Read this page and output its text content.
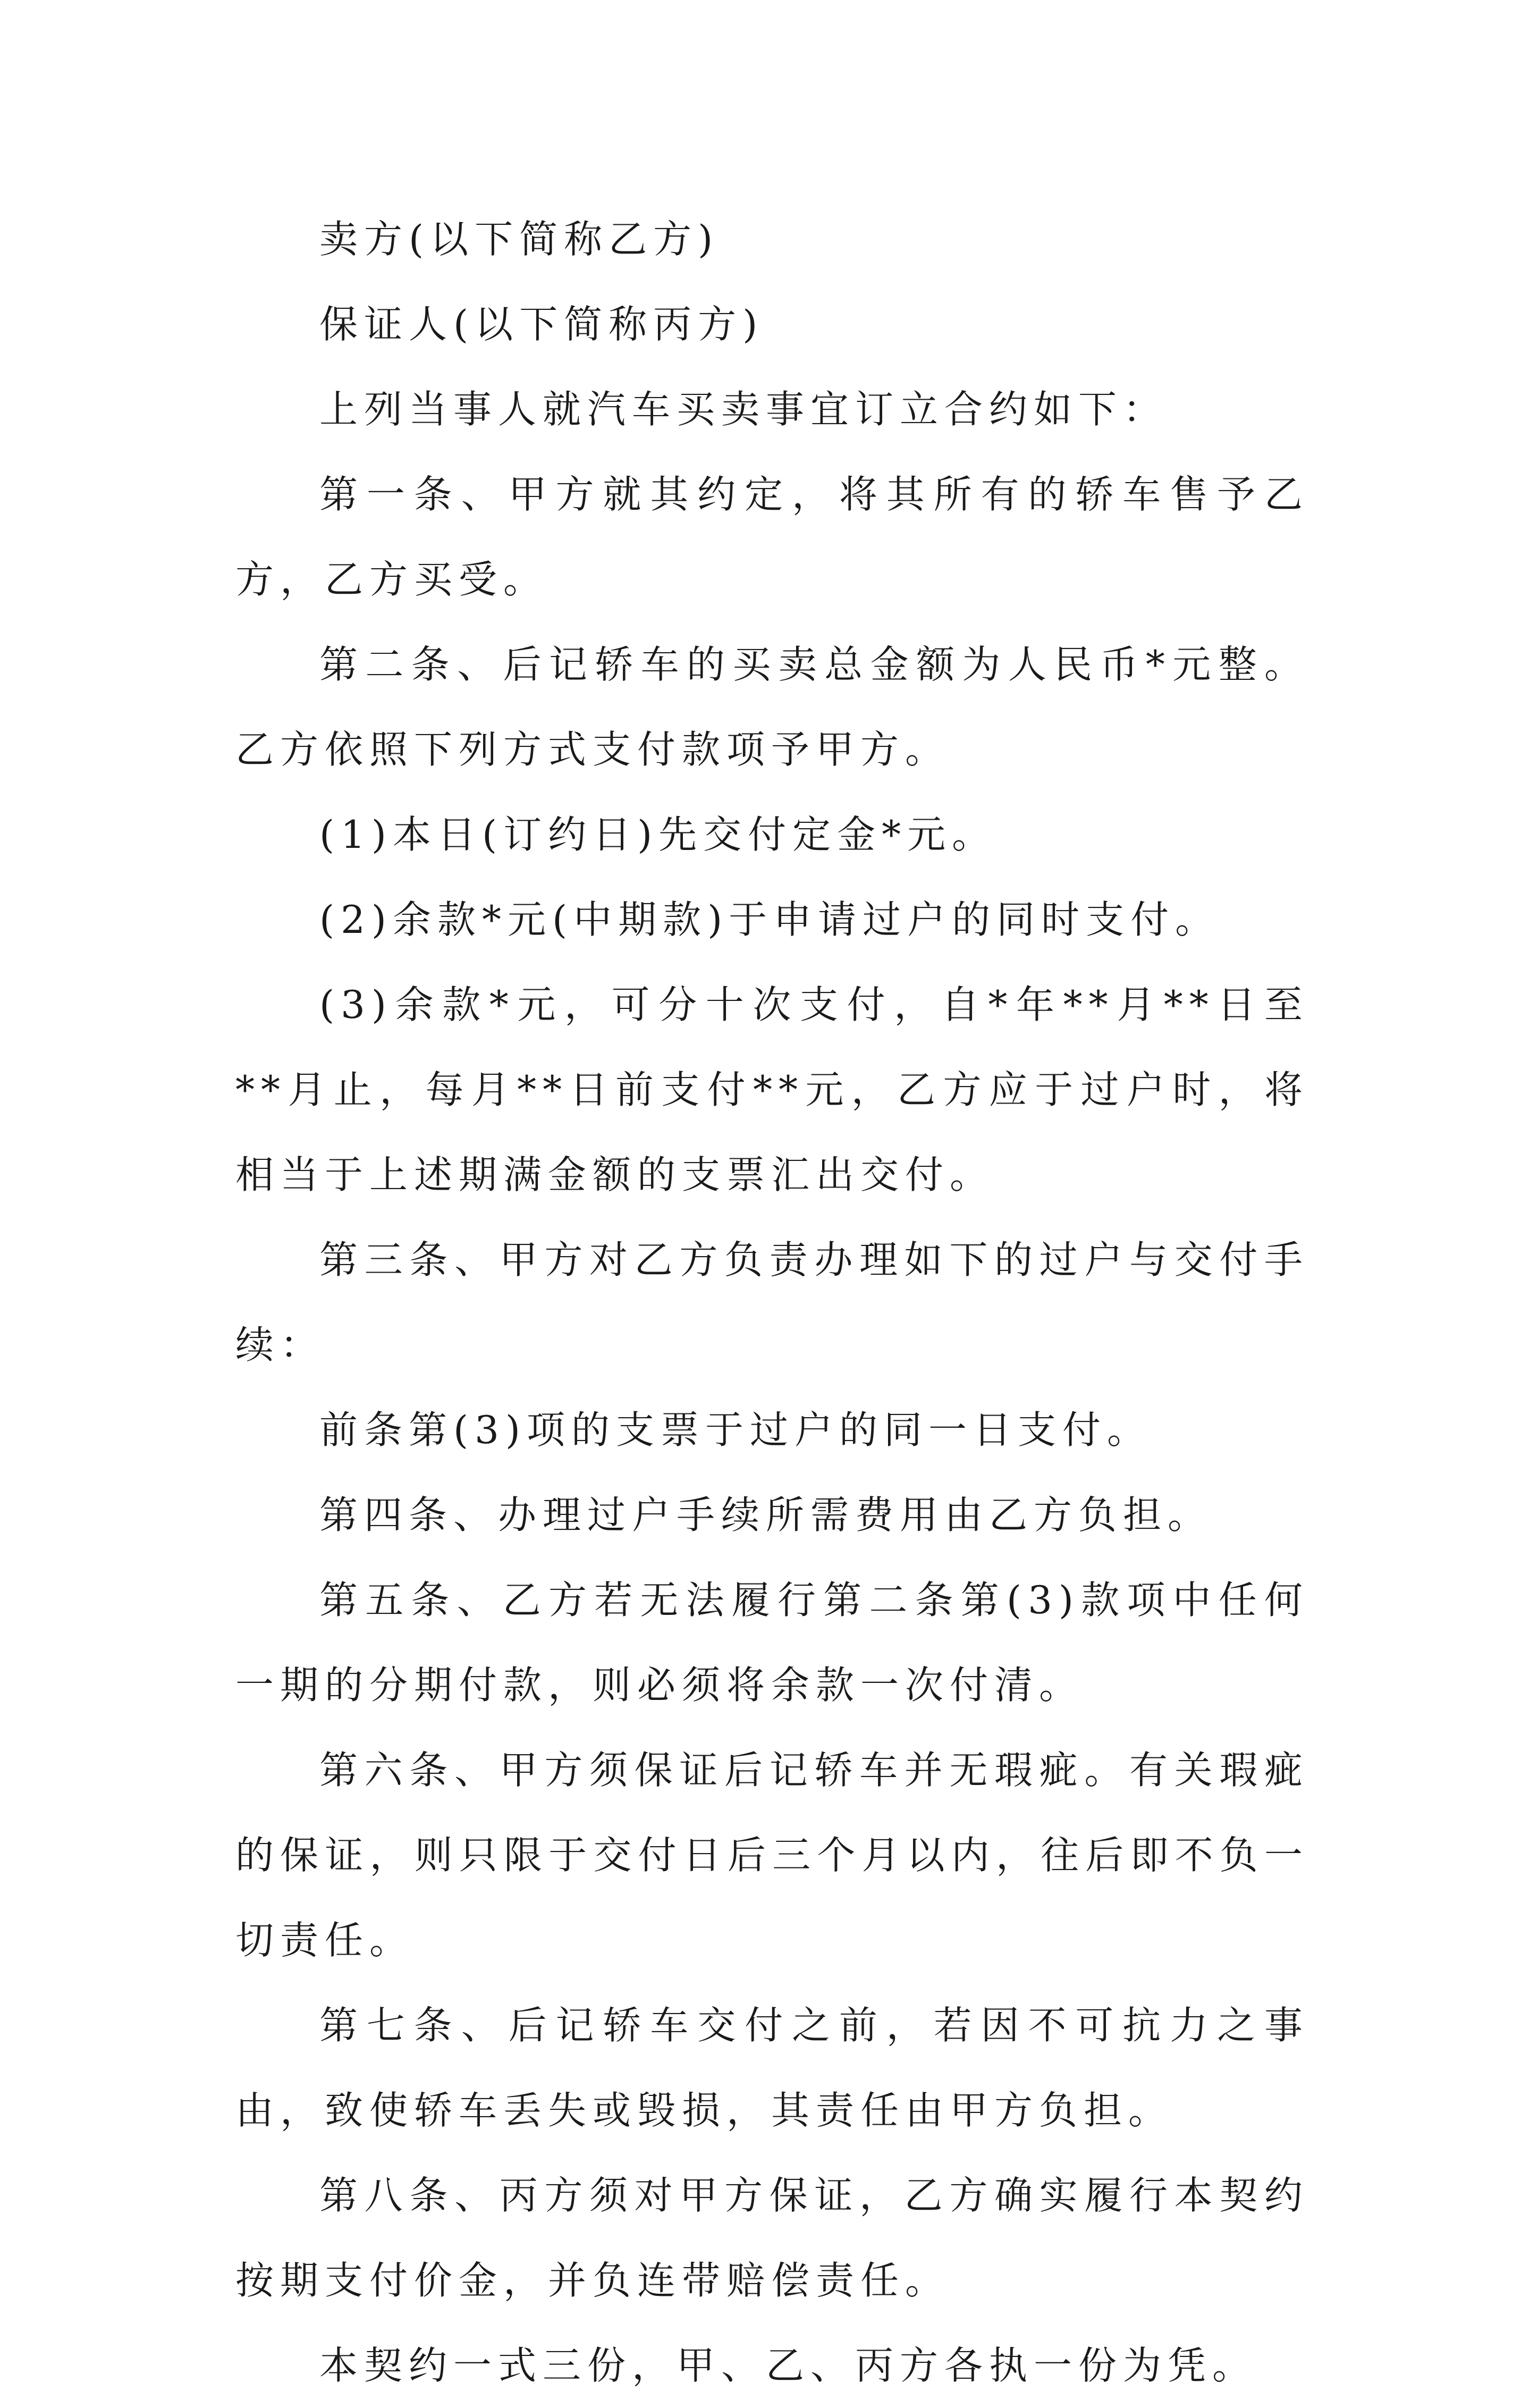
卖方(以下简称乙方)

保证人(以下简称丙方)

上列当事人就汽车买卖事宜订立合约如下：

第一条、甲方就其约定，将其所有的轿车售予乙方，乙方买受。

第二条、后记轿车的买卖总金额为人民币*元整。乙方依照下列方式支付款项予甲方。

(1)本日(订约日)先交付定金*元。

(2)余款*元(中期款)于申请过户的同时支付。

(3)余款*元，可分十次支付，自*年**月**日至**月止，每月**日前支付**元，乙方应于过户时，将相当于上述期满金额的支票汇出交付。

第三条、甲方对乙方负责办理如下的过户与交付手续：

前条第(3)项的支票于过户的同一日支付。

第四条、办理过户手续所需费用由乙方负担。

第五条、乙方若无法履行第二条第(3)款项中任何一期的分期付款，则必须将余款一次付清。

第六条、甲方须保证后记轿车并无瑕疵。有关瑕疵的保证，则只限于交付日后三个月以内，往后即不负一切责任。

第七条、后记轿车交付之前，若因不可抗力之事由，致使轿车丢失或毁损，其责任由甲方负担。

第八条、丙方须对甲方保证，乙方确实履行本契约按期支付价金，并负连带赔偿责任。

本契约一式三份，甲、乙、丙方各执一份为凭。
